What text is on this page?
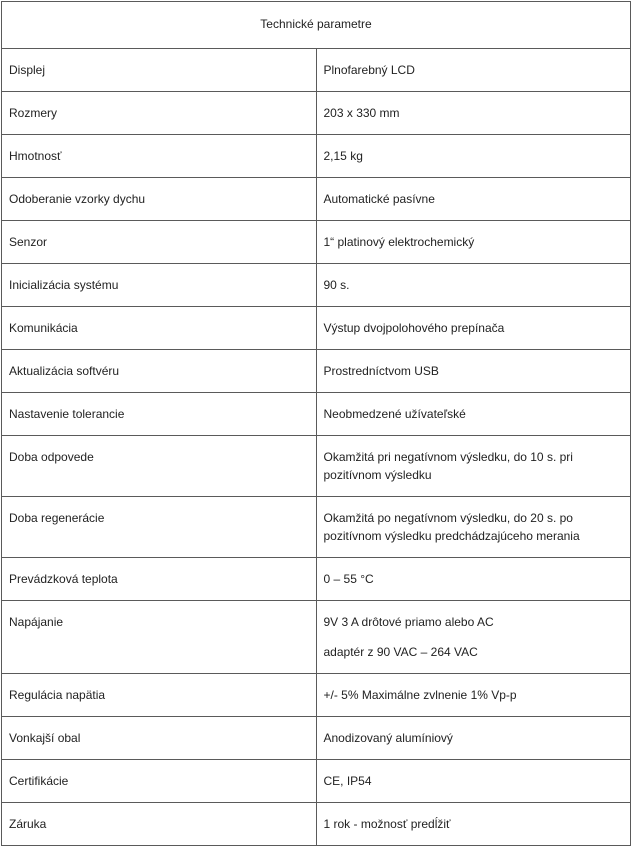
Technické parametre	

Displej	Plnofarebný LCD

Rozmery	203 x 330 mm

Hmotnosť	2,15 kg

Odoberanie vzorky dychu	Automatické pasívne

Senzor	1“ platinový elektrochemický

Inicializácia systému	90 s.

Komunikácia	Výstup dvojpolohového prepínača

Aktualizácia softvéru	Prostredníctvom USB

Nastavenie tolerancie	Neobmedzené užívateľské

Doba odpovede	Okamžitá pri negatívnom výsledku, do 10 s. pri pozitívnom výsledku

Doba regenerácie	Okamžitá po negatívnom výsledku, do 20 s. po pozitívnom výsledku predchádzajúceho merania

Prevádzková teplota	0 – 55 °C

Napájanie	9V 3 A drôtové priamo alebo AC
adaptér z 90 VAC – 264 VAC

Regulácia napätia	+/- 5% Maximálne zvlnenie 1% Vp-p

Vonkajší obal	Anodizovaný alumíniový

Certifikácie	CE, IP54

Záruka	1 rok - možnosť predĺžiť
